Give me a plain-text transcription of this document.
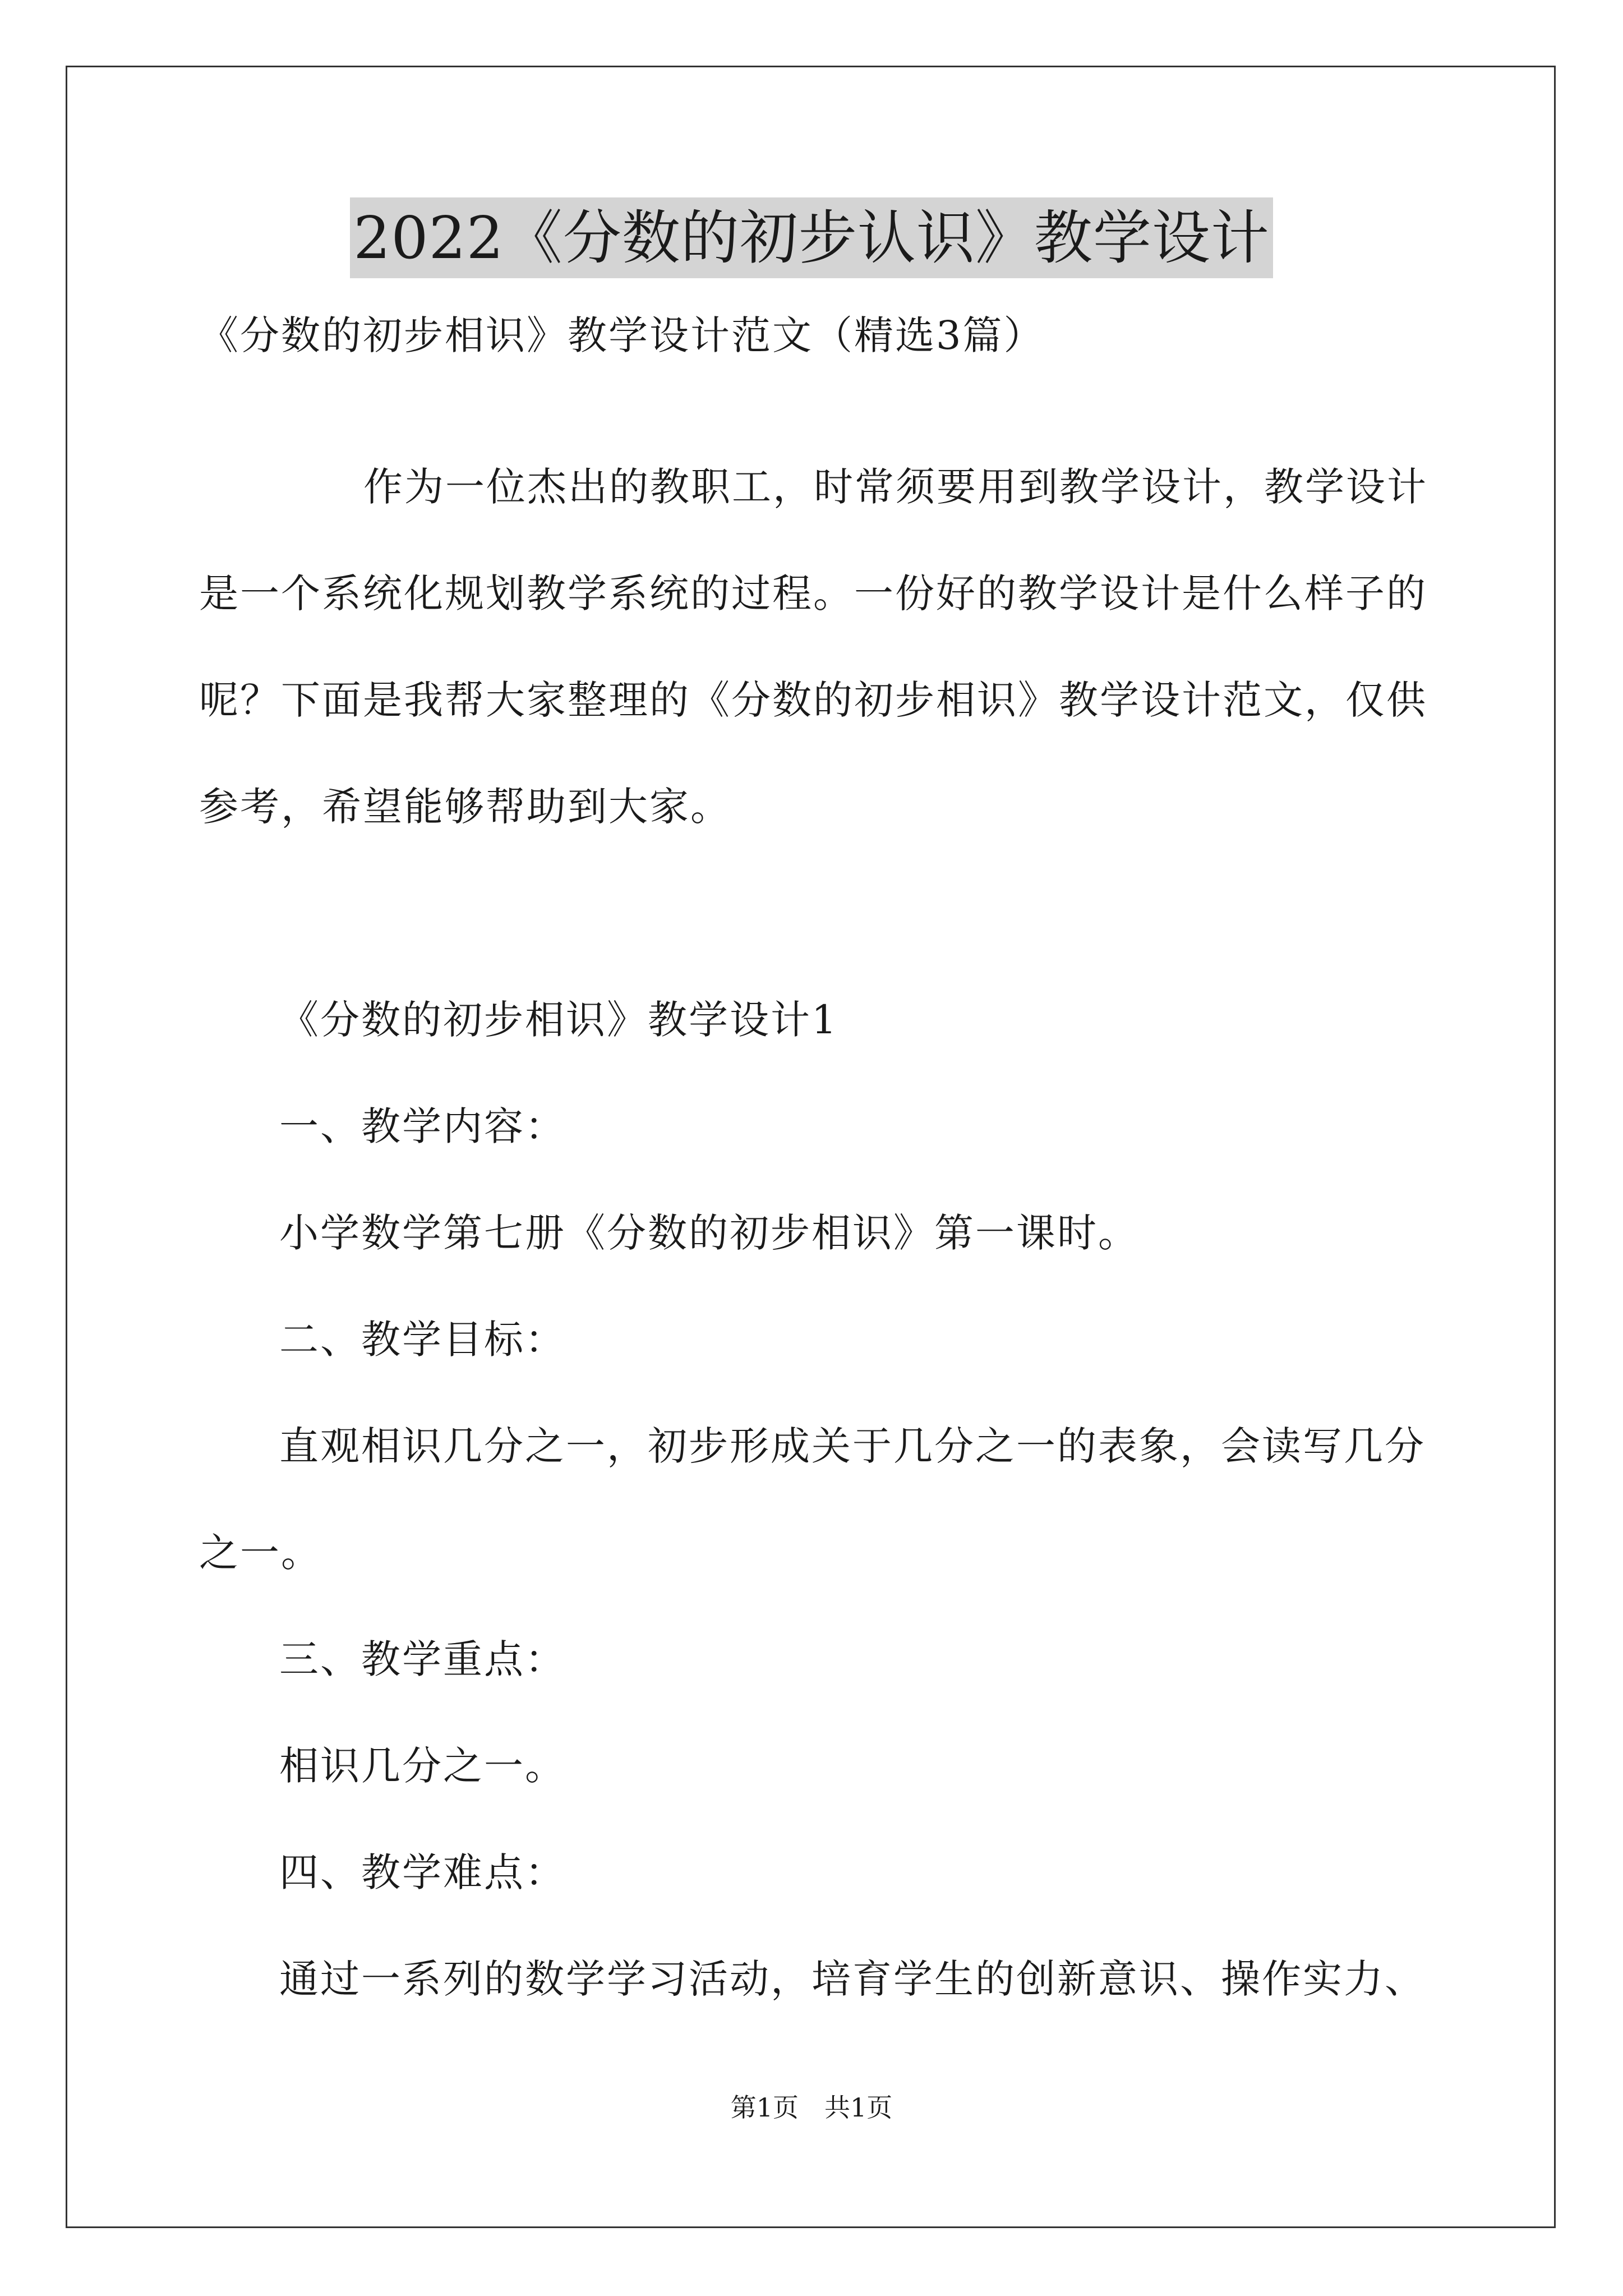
2022《分数的初步认识》教学设计
《分数的初步相识》教学设计范文（精选3篇）
作为一位杰出的教职工，时常须要用到教学设计，教学设计
是一个系统化规划教学系统的过程。一份好的教学设计是什么样子的
呢？下面是我帮大家整理的《分数的初步相识》教学设计范文，仅供
参考，希望能够帮助到大家。
《分数的初步相识》教学设计1
一、教学内容：
小学数学第七册《分数的初步相识》第一课时。
二、教学目标：
直观相识几分之一，初步形成关于几分之一的表象，会读写几分
之一。
三、教学重点：
相识几分之一。
四、教学难点：
通过一系列的数学学习活动，培育学生的创新意识、操作实力、
第1页　共1页
